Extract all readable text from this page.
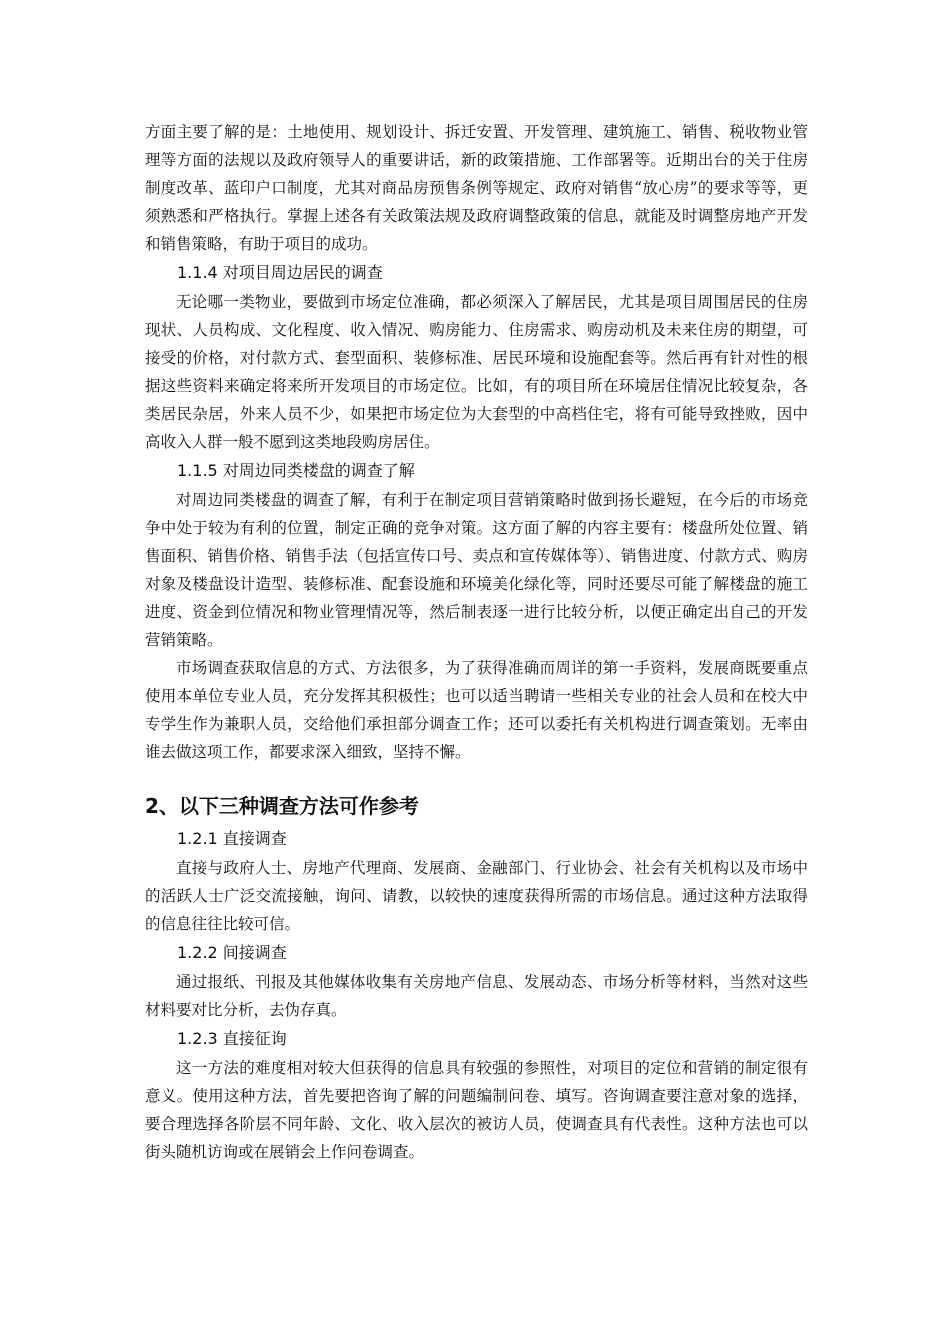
方面主要了解的是：土地使用、规划设计、拆迁安置、开发管理、建筑施工、销售、税收物业管理等方面的法规以及政府领导人的重要讲话，新的政策措施、工作部署等。近期出台的关于住房制度改革、蓝印户口制度，尤其对商品房预售条例等规定、政府对销售“放心房”的要求等等，更须熟悉和严格执行。掌握上述各有关政策法规及政府调整政策的信息，就能及时调整房地产开发和销售策略，有助于项目的成功。

1.1.4 对项目周边居民的调查

无论哪一类物业，要做到市场定位准确，都必须深入了解居民，尤其是项目周围居民的住房现状、人员构成、文化程度、收入情况、购房能力、住房需求、购房动机及未来住房的期望，可接受的价格，对付款方式、套型面积、装修标准、居民环境和设施配套等。然后再有针对性的根据这些资料来确定将来所开发项目的市场定位。比如，有的项目所在环境居住情况比较复杂，各类居民杂居，外来人员不少，如果把市场定位为大套型的中高档住宅，将有可能导致挫败，因中高收入人群一般不愿到这类地段购房居住。

1.1.5 对周边同类楼盘的调查了解

对周边同类楼盘的调查了解，有利于在制定项目营销策略时做到扬长避短，在今后的市场竞争中处于较为有利的位置，制定正确的竞争对策。这方面了解的内容主要有：楼盘所处位置、销售面积、销售价格、销售手法（包括宣传口号、卖点和宣传媒体等）、销售进度、付款方式、购房对象及楼盘设计造型、装修标准、配套设施和环境美化绿化等，同时还要尽可能了解楼盘的施工进度、资金到位情况和物业管理情况等，然后制表逐一进行比较分析，以便正确定出自己的开发营销策略。

市场调查获取信息的方式、方法很多，为了获得准确而周详的第一手资料，发展商既要重点使用本单位专业人员，充分发挥其积极性；也可以适当聘请一些相关专业的社会人员和在校大中专学生作为兼职人员，交给他们承担部分调查工作；还可以委托有关机构进行调查策划。无率由谁去做这项工作，都要求深入细致，坚持不懈。

2、以下三种调查方法可作参考
1.2.1 直接调查

直接与政府人士、房地产代理商、发展商、金融部门、行业协会、社会有关机构以及市场中的活跃人士广泛交流接触，询问、请教，以较快的速度获得所需的市场信息。通过这种方法取得的信息往往比较可信。

1.2.2 间接调查

通过报纸、刊报及其他媒体收集有关房地产信息、发展动态、市场分析等材料，当然对这些材料要对比分析，去伪存真。

1.2.3 直接征询

这一方法的难度相对较大但获得的信息具有较强的参照性，对项目的定位和营销的制定很有意义。使用这种方法，首先要把咨询了解的问题编制问卷、填写。咨询调查要注意对象的选择，要合理选择各阶层不同年龄、文化、收入层次的被访人员，使调查具有代表性。这种方法也可以街头随机访询或在展销会上作问卷调查。
